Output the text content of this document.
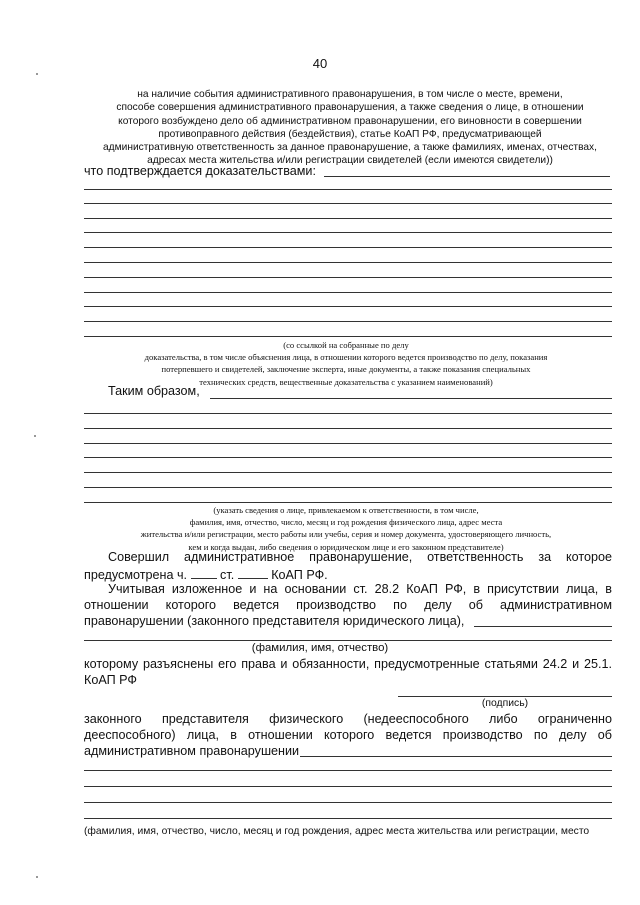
40
на наличие события административного правонарушения, в том числе о месте, времени,
способе совершения административного правонарушения, а также сведения о лице, в отношении
которого возбуждено дело об административном правонарушении, его виновности в совершении
противоправного действия (бездействия), статье КоАП РФ, предусматривающей
административную ответственность за данное правонарушение, а также фамилиях, именах, отчествах,
адресах места жительства и/или регистрации свидетелей (если имеются свидетели))
что подтверждается доказательствами:
(со ссылкой на собранные по делу
доказательства, в том числе объяснения лица, в отношении которого ведется производство по делу, показания
потерпевшего и свидетелей, заключение эксперта, иные документы, а также показания специальных
технических средств, вещественные доказательства с указанием наименований)
Таким образом,
(указать сведения о лице, привлекаемом к ответственности, в том числе,
фамилия, имя, отчество, число, месяц и год рождения физического лица, адрес места
жительства и/или регистрации, место работы или учебы, серия и номер документа, удостоверяющего личность,
кем и когда выдан, либо сведения о юридическом лице и его законном представителе)
Совершил административное правонарушение, ответственность за которое
предусмотрена ч.	ст.	КоАП РФ.
Учитывая изложенное и на основании ст. 28.2 КоАП РФ, в присутствии лица, в
отношении которого ведется производство по делу об административном
правонарушении (законного представителя юридического лица),
(фамилия, имя, отчество)
которому разъяснены его права и обязанности, предусмотренные статьями 24.2 и 25.1.
КоАП РФ
(подпись)
законного представителя физического (недееспособного либо ограниченно
дееспособного) лица, в отношении которого ведется производство по делу об
административном правонарушении
(фамилия, имя, отчество, число, месяц и год рождения, адрес места жительства или регистрации, место
